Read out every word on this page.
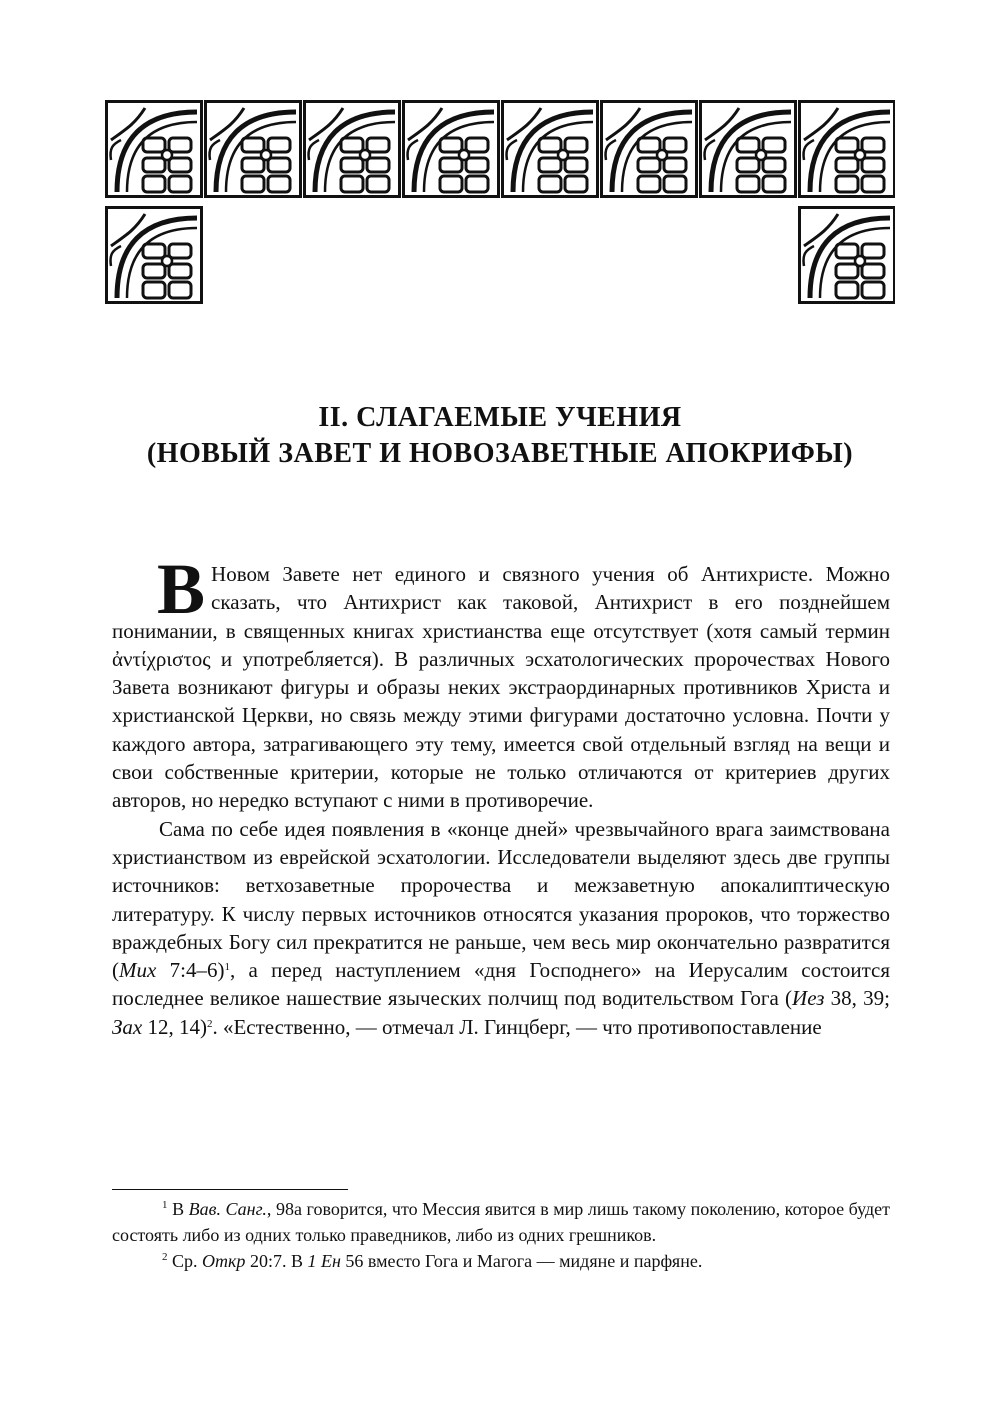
II. СЛАГАЕМЫЕ УЧЕНИЯ
(НОВЫЙ ЗАВЕТ И НОВОЗАВЕТНЫЕ АПОКРИФЫ)

В Новом Завете нет единого и связного учения об Антихристе. Можно сказать, что Антихрист как таковой, Антихрист в его позднейшем понимании, в священных книгах христианства еще отсутствует (хотя самый термин ἀντίχριστος и употребляется). В различных эсхатологических пророчествах Нового Завета возникают фигуры и образы неких экстраординарных противников Христа и христианской Церкви, но связь между этими фигурами достаточно условна. Почти у каждого автора, затрагивающего эту тему, имеется свой отдельный взгляд на вещи и свои собственные критерии, которые не только отличаются от критериев других авторов, но нередко вступают с ними в противоречие.

Сама по себе идея появления в «конце дней» чрезвычайного врага заимствована христианством из еврейской эсхатологии. Исследователи выделяют здесь две группы источников: ветхозаветные пророчества и межзаветную апокалиптическую литературу. К числу первых источников относятся указания пророков, что торжество враждебных Богу сил прекратится не раньше, чем весь мир окончательно развратится (Мих 7:4–6)$^1$, а перед наступлением «дня Господнего» на Иерусалим состоится последнее великое нашествие языческих полчищ под водительством Гога (Иез 38, 39; Зах 12, 14)$^2$. «Естественно, — отмечал Л. Гинцберг, — что противопоставление

$^1$ В Вав. Санг., 98а говорится, что Мессия явится в мир лишь такому поколению, которое будет состоять либо из одних только праведников, либо из одних грешников.

$^2$ Ср. Откр 20:7. В 1 Ен 56 вместо Гога и Магога — мидяне и парфяне.
